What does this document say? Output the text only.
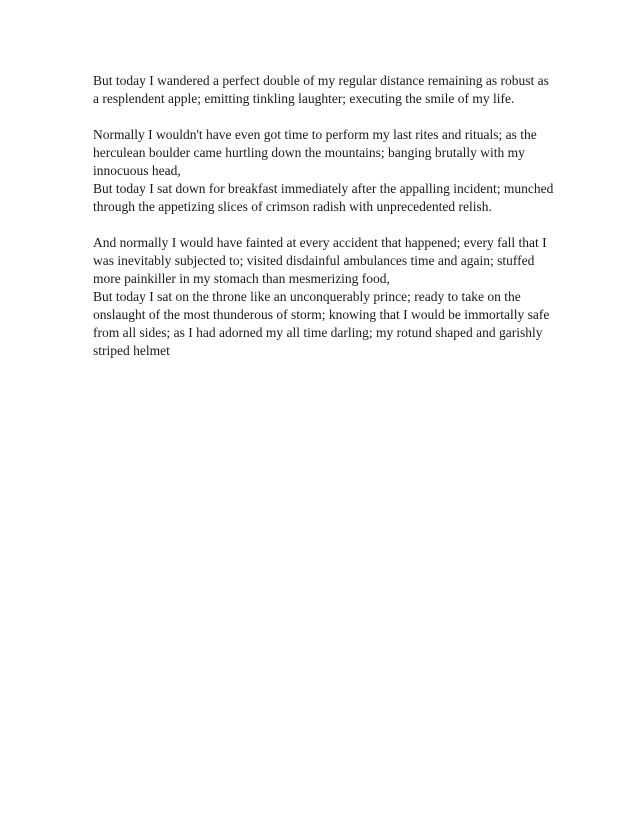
But today I wandered a perfect double of my regular distance remaining as robust as
a resplendent apple; emitting tinkling laughter; executing the smile of my life.

Normally I wouldn't have even got time to perform my last rites and rituals; as the
herculean boulder came hurtling down the mountains; banging brutally with my
innocuous head,
But today I sat down for breakfast immediately after the appalling incident; munched
through the appetizing slices of crimson radish with unprecedented relish.

And normally I would have fainted at every accident that happened; every fall that I
was inevitably subjected to; visited disdainful ambulances time and again; stuffed
more painkiller in my stomach than mesmerizing food,
But today I sat on the throne like an unconquerably prince; ready to take on the
onslaught of the most thunderous of storm; knowing that I would be immortally safe
from all sides; as I had adorned my all time darling; my rotund shaped and garishly
striped helmet
